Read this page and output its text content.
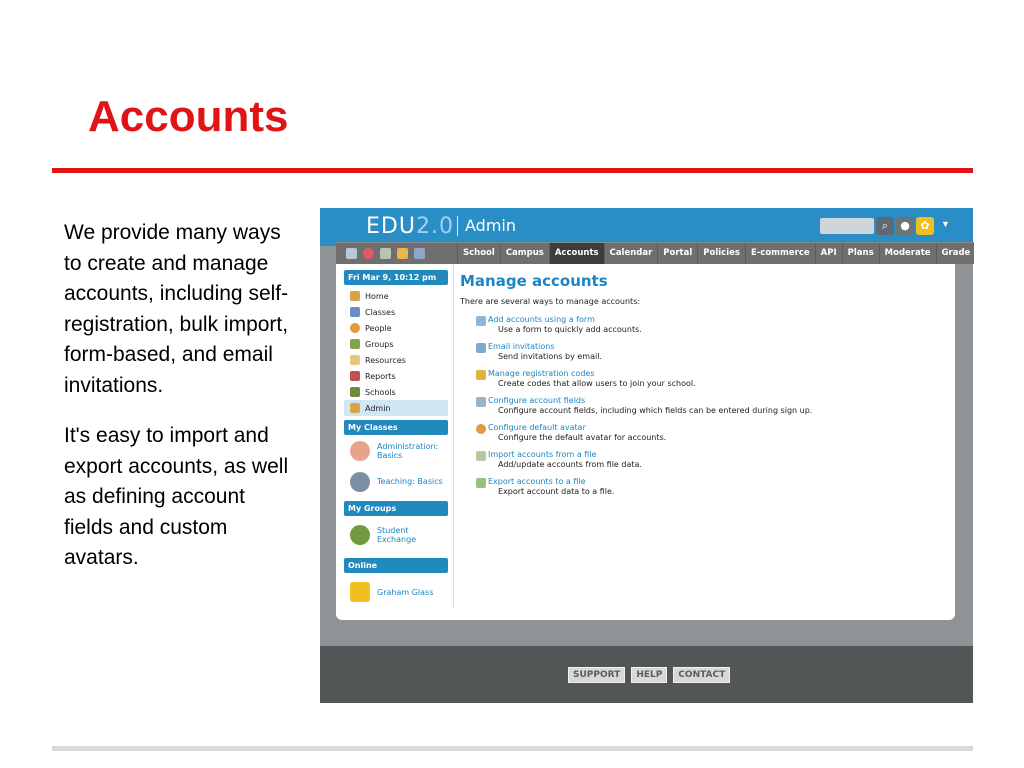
Accounts

We provide many ways to create and manage accounts, including self-registration, bulk import, form-based, and email invitations.

It's easy to import and export accounts, as well as defining account fields and custom avatars.

EDU2.0 Admin	⌕	● ✿	▼
School	Campus	Accounts	Calendar	Portal	Policies	E-commerce	API	Plans	Moderate	Grade map
Fri Mar 9, 10:12 pm
Home
Classes
People
Groups
Resources
Reports
Schools
Admin
My Classes
Administration: Basics
Teaching: Basics
My Groups
Student Exchange
Online
Graham Glass
Manage accounts
There are several ways to manage accounts:
Add accounts using a form
Use a form to quickly add accounts.
Email invitations
Send invitations by email.
Manage registration codes
Create codes that allow users to join your school.
Configure account fields
Configure account fields, including which fields can be entered during sign up.
Configure default avatar
Configure the default avatar for accounts.
Import accounts from a file
Add/update accounts from file data.
Export accounts to a file
Export account data to a file.
SUPPORT	HELP	CONTACT
